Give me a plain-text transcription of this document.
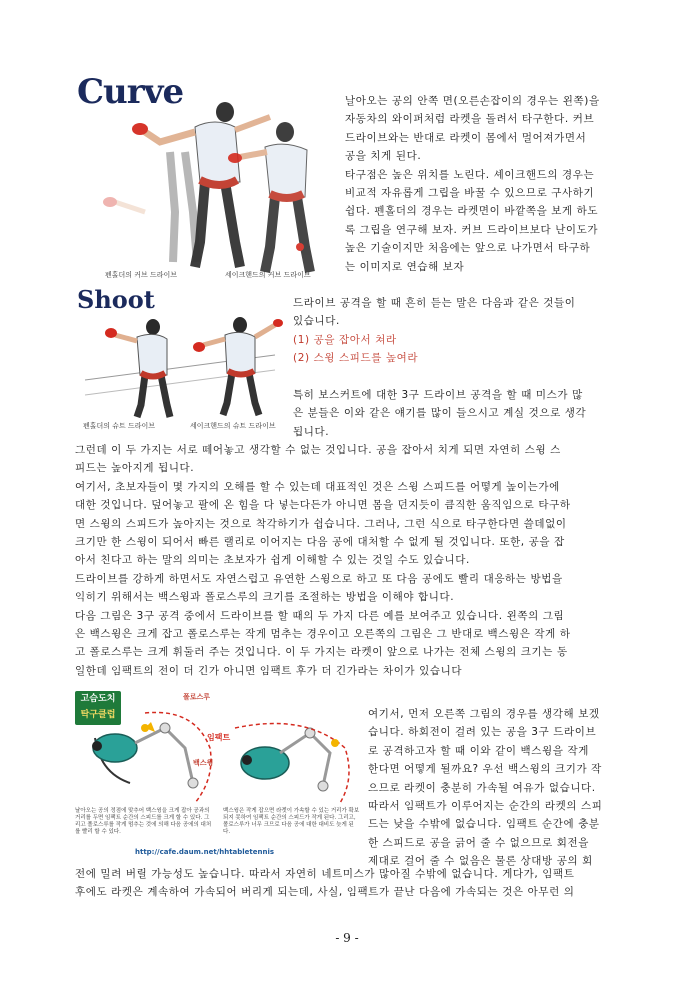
Curve
펜홀더의 커브 드라이브	세이크핸드의 커브 드라이브
날아오는 공의 안쪽 면(오른손잡이의 경우는 왼쪽)을
자동차의 와이퍼처럼 라켓을 돌려서 타구한다. 커브
드라이브와는 반대로 라켓이 몸에서 멀어져가면서
공을 치게 된다.
타구점은 높은 위치를 노린다. 셰이크핸드의 경우는
비교적 자유롭게 그립을 바꿀 수 있으므로 구사하기
쉽다. 펜홀더의 경우는 라켓면이 바깥쪽을 보게 하도
록 그립을 연구해 보자. 커브 드라이브보다 난이도가
높은 기술이지만 처음에는 앞으로 나가면서 타구하
는 이미지로 연습해 보자
Shoot
펜홀더의 슈트 드라이브	세이크핸드의 슈트 드라이브
드라이브 공격을 할 때 흔히 듣는 말은 다음과 같은 것들이
있습니다.
(1) 공을 잡아서 쳐라
(2) 스윙 스피드를 높여라
특히 보스커트에 대한 3구 드라이브 공격을 할 때 미스가 많
은 분들은 이와 같은 얘기를 많이 들으시고 계실 것으로 생각
됩니다.
그런데 이 두 가지는 서로 떼어놓고 생각할 수 없는 것입니다. 공을 잡아서 치게 되면 자연히 스윙 스
피드는 높아지게 됩니다.
여기서, 초보자들이 몇 가지의 오해를 할 수 있는데 대표적인 것은 스윙 스피드를 어떻게 높이는가에
대한 것입니다. 덮어놓고 팔에 온 힘을 다 넣는다든가 아니면 몸을 던지듯이 큼직한 움직임으로 타구하
면 스윙의 스피드가 높아지는 것으로 착각하기가 쉽습니다. 그러나, 그런 식으로 타구한다면 쓸데없이
크기만 한 스윙이 되어서 빠른 랠리로 이어지는 다음 공에 대처할 수 없게 될 것입니다. 또한, 공을 잡
아서 친다고 하는 말의 의미는 초보자가 쉽게 이해할 수 있는 것일 수도 있습니다.
드라이브를 강하게 하면서도 자연스럽고 유연한 스윙으로 하고 또 다음 공에도 빨리 대응하는 방법을
익히기 위해서는 백스윙과 폴로스루의 크기를 조절하는 방법을 이해야 합니다.
다음 그림은 3구 공격 중에서 드라이브를 할 때의 두 가지 다른 예를 보여주고 있습니다. 왼쪽의 그림
은 백스윙은 크게 잡고 폴로스루는 작게 멈추는 경우이고 오른쪽의 그림은 그 반대로 백스윙은 작게 하
고 폴로스루는 크게 휘둘러 주는 것입니다. 이 두 가지는 라켓이 앞으로 나가는 전체 스윙의 크기는 동
일한데 임팩트의 전이 더 긴가 아니면 임팩트 후가 더 긴가라는 차이가 있습니다
고슴도치
탁구클럽
폴로스루
임팩트
백스윙
날아오는 공의 정점에 맞추어 백스윙을 크게 잡아 공과의 거리를 두면 임팩트 순간의 스피드를 크게 할 수 있다. 그리고 폴로스루를 작게 멈추는 것에 의해 다음 공에의 대처를 빨리 할 수 있다.
백스윙은 작게 잡으면 라켓이 가속할 수 있는 거리가 확보되지 못하여 임팩트 순간의 스피드가 작게 된다. 그리고, 폴로스루가 너무 크므로 다음 공에 대한 대비도 늦게 된다.
http://cafe.daum.net/hhtabletennis
여기서, 먼저 오른쪽 그림의 경우를 생각해 보겠
습니다. 하회전이 걸려 있는 공을 3구 드라이브
로 공격하고자 할 때 이와 같이 백스윙을 작게
한다면 어떻게 될까요? 우선 백스윙의 크기가 작
으므로 라켓이 충분히 가속될 여유가 없습니다.
따라서 임팩트가 이루어지는 순간의 라켓의 스피
드는 낮을 수밖에 없습니다. 임팩트 순간에 충분
한 스피드로 공을 긁어 줄 수 없으므로 회전을
제대로 걸어 줄 수 없음은 물론 상대방 공의 회
전에 밀려 버릴 가능성도 높습니다. 따라서 자연히 네트미스가 많아질 수밖에 없습니다. 게다가, 임팩트
후에도 라켓은 계속하여 가속되어 버리게 되는데, 사실, 임팩트가 끝난 다음에 가속되는 것은 아무런 의
- 9 -
